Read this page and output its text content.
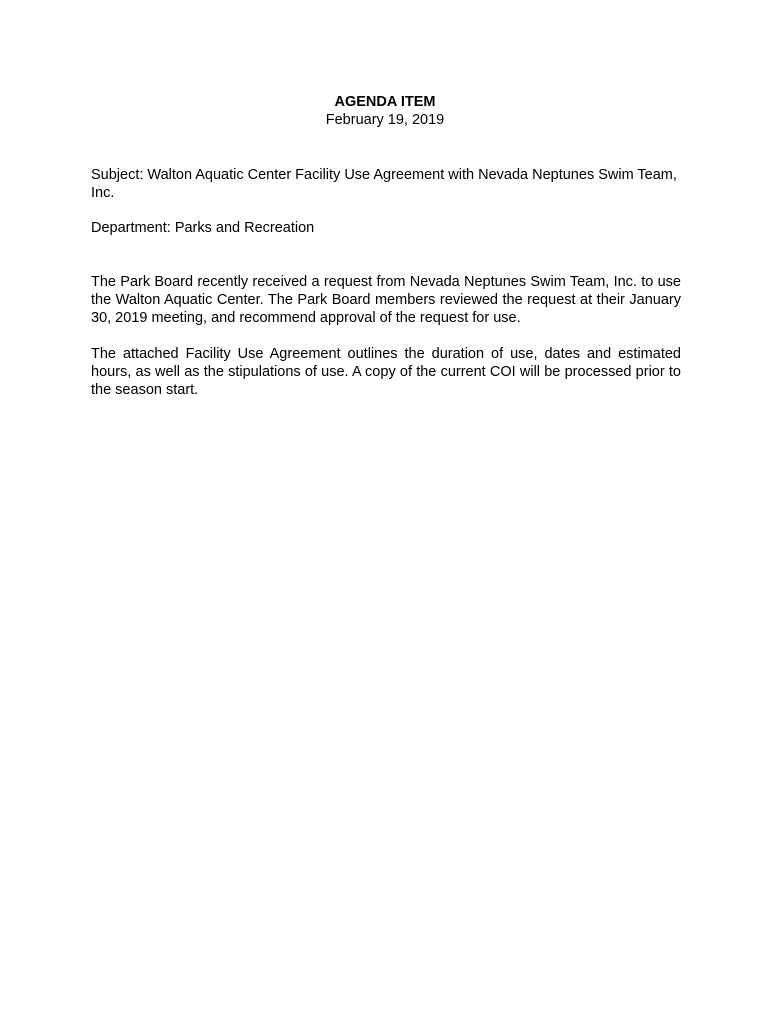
AGENDA ITEM

February 19, 2019

Subject: Walton Aquatic Center Facility Use Agreement with Nevada Neptunes Swim Team, Inc.

Department: Parks and Recreation

The Park Board recently received a request from Nevada Neptunes Swim Team, Inc. to use the Walton Aquatic Center. The Park Board members reviewed the request at their January 30, 2019 meeting, and recommend approval of the request for use.

The attached Facility Use Agreement outlines the duration of use, dates and estimated hours, as well as the stipulations of use. A copy of the current COI will be processed prior to the season start.
